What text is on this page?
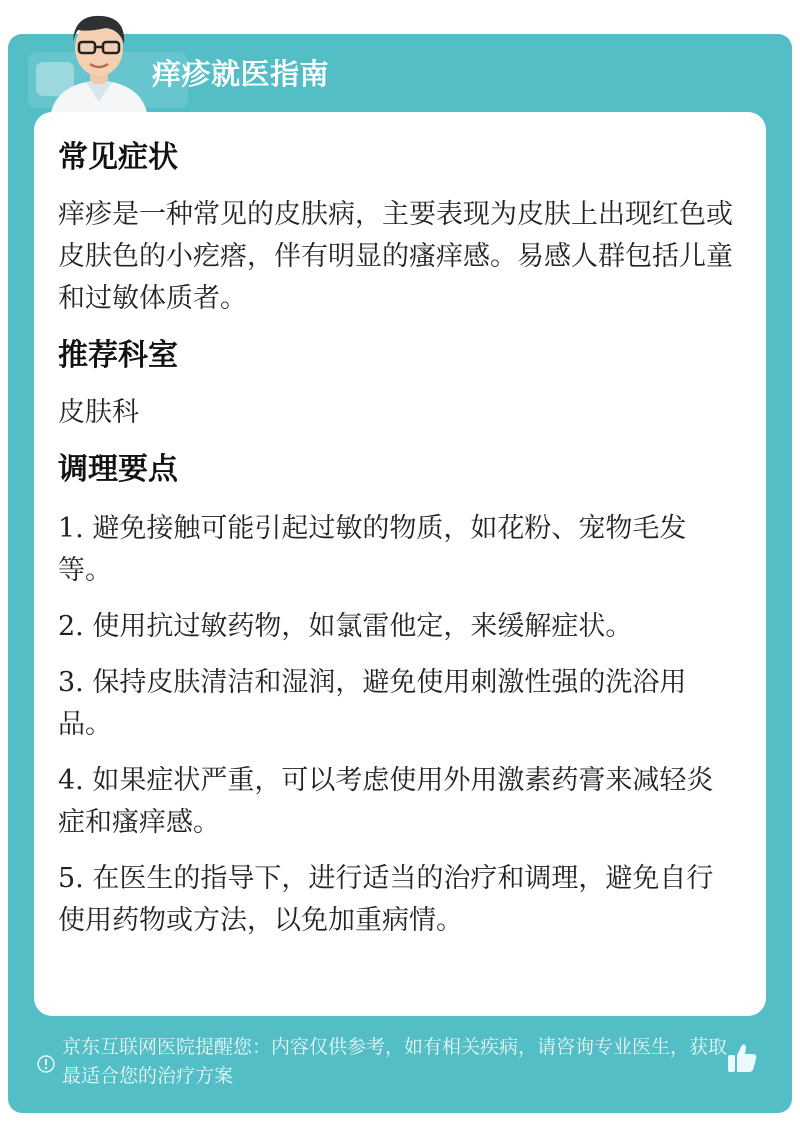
痒疹就医指南
常见症状

痒疹是一种常见的皮肤病，主要表现为皮肤上出现红色或皮肤色的小疙瘩，伴有明显的瘙痒感。易感人群包括儿童和过敏体质者。

推荐科室

皮肤科

调理要点

1. 避免接触可能引起过敏的物质，如花粉、宠物毛发等。

2. 使用抗过敏药物，如氯雷他定，来缓解症状。

3. 保持皮肤清洁和湿润，避免使用刺激性强的洗浴用品。

4. 如果症状严重，可以考虑使用外用激素药膏来减轻炎症和瘙痒感。

5. 在医生的指导下，进行适当的治疗和调理，避免自行使用药物或方法，以免加重病情。

京东互联网医院提醒您：内容仅供参考，如有相关疾病，请咨询专业医生，获取最适合您的治疗方案
